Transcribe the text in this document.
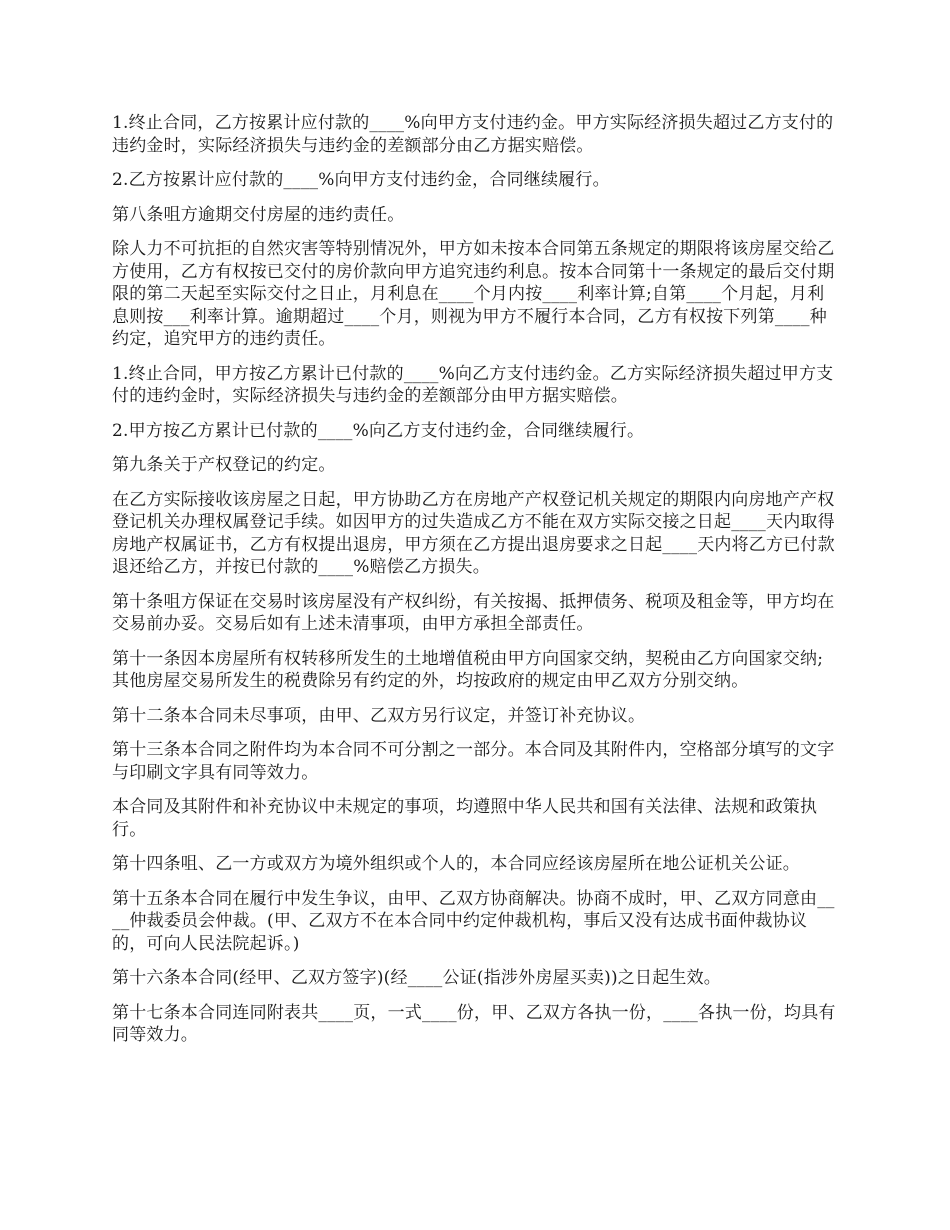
1.终止合同，乙方按累计应付款的____%向甲方支付违约金。甲方实际经济损失超过乙方支付的违约金时，实际经济损失与违约金的差额部分由乙方据实赔偿。

2.乙方按累计应付款的____%向甲方支付违约金，合同继续履行。

第八条咀方逾期交付房屋的违约责任。

除人力不可抗拒的自然灾害等特别情况外，甲方如未按本合同第五条规定的期限将该房屋交给乙方使用，乙方有权按已交付的房价款向甲方追究违约利息。按本合同第十一条规定的最后交付期限的第二天起至实际交付之日止，月利息在____个月内按____利率计算;自第____个月起，月利息则按___利率计算。逾期超过____个月，则视为甲方不履行本合同，乙方有权按下列第____种约定，追究甲方的违约责任。

1.终止合同，甲方按乙方累计已付款的____%向乙方支付违约金。乙方实际经济损失超过甲方支付的违约金时，实际经济损失与违约金的差额部分由甲方据实赔偿。

2.甲方按乙方累计已付款的____%向乙方支付违约金，合同继续履行。

第九条关于产权登记的约定。

在乙方实际接收该房屋之日起，甲方协助乙方在房地产产权登记机关规定的期限内向房地产产权登记机关办理权属登记手续。如因甲方的过失造成乙方不能在双方实际交接之日起____天内取得房地产权属证书，乙方有权提出退房，甲方须在乙方提出退房要求之日起____天内将乙方已付款退还给乙方，并按已付款的____%赔偿乙方损失。

第十条咀方保证在交易时该房屋没有产权纠纷，有关按揭、抵押债务、税项及租金等，甲方均在交易前办妥。交易后如有上述未清事项，由甲方承担全部责任。

第十一条因本房屋所有权转移所发生的土地增值税由甲方向国家交纳，契税由乙方向国家交纳;其他房屋交易所发生的税费除另有约定的外，均按政府的规定由甲乙双方分别交纳。

第十二条本合同未尽事项，由甲、乙双方另行议定，并签订补充协议。

第十三条本合同之附件均为本合同不可分割之一部分。本合同及其附件内，空格部分填写的文字与印刷文字具有同等效力。

本合同及其附件和补充协议中未规定的事项，均遵照中华人民共和国有关法律、法规和政策执行。

第十四条咀、乙一方或双方为境外组织或个人的，本合同应经该房屋所在地公证机关公证。

第十五条本合同在履行中发生争议，由甲、乙双方协商解决。协商不成时，甲、乙双方同意由____仲裁委员会仲裁。(甲、乙双方不在本合同中约定仲裁机构，事后又没有达成书面仲裁协议的，可向人民法院起诉。)

第十六条本合同(经甲、乙双方签字)(经____公证(指涉外房屋买卖))之日起生效。

第十七条本合同连同附表共____页，一式____份，甲、乙双方各执一份，____各执一份，均具有同等效力。
